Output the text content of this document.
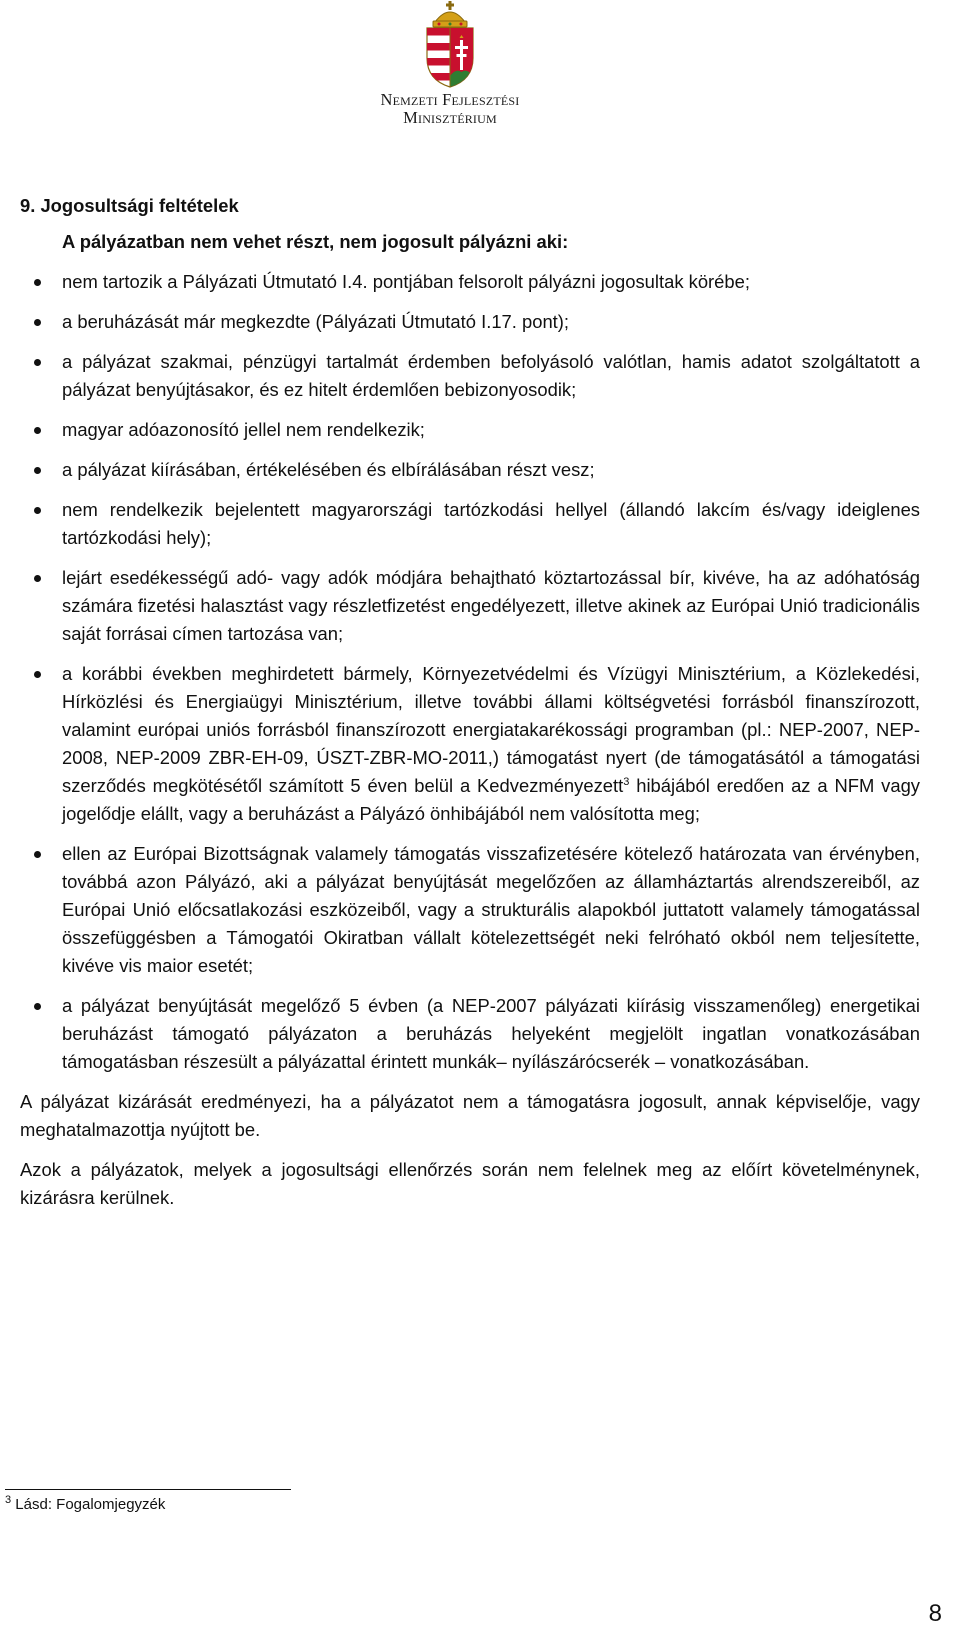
Nemzeti Fejlesztési
Minisztérium
9. Jogosultsági feltételek
A pályázatban nem vehet részt, nem jogosult pályázni aki:
nem tartozik a Pályázati Útmutató I.4. pontjában felsorolt pályázni jogosultak körébe;
a beruházását már megkezdte (Pályázati Útmutató I.17. pont);
a pályázat szakmai, pénzügyi tartalmát érdemben befolyásoló valótlan, hamis adatot szolgáltatott a pályázat benyújtásakor, és ez hitelt érdemlően bebizonyosodik;
magyar adóazonosító jellel nem rendelkezik;
a pályázat kiírásában, értékelésében és elbírálásában részt vesz;
nem rendelkezik bejelentett magyarországi tartózkodási hellyel (állandó lakcím és/vagy ideiglenes tartózkodási hely);
lejárt esedékességű adó- vagy adók módjára behajtható köztartozással bír, kivéve, ha az adóhatóság számára fizetési halasztást vagy részletfizetést engedélyezett, illetve akinek az Európai Unió tradicionális saját forrásai címen tartozása van;
a korábbi években meghirdetett bármely, Környezetvédelmi és Vízügyi Minisztérium, a Közlekedési, Hírközlési és Energiaügyi Minisztérium, illetve további állami költségvetési forrásból finanszírozott, valamint európai uniós forrásból finanszírozott energiatakarékossági programban (pl.: NEP-2007, NEP-2008, NEP-2009 ZBR-EH-09, ÚSZT-ZBR-MO-2011,) támogatást nyert (de támogatásától a támogatási szerződés megkötésétől számított 5 éven belül a Kedvezményezett$^3$ hibájából eredően az a NFM vagy jogelődje elállt, vagy a beruházást a Pályázó önhibájából nem valósította meg;
ellen az Európai Bizottságnak valamely támogatás visszafizetésére kötelező határozata van érvényben, továbbá azon Pályázó, aki a pályázat benyújtását megelőzően az államháztartás alrendszereiből, az Európai Unió előcsatlakozási eszközeiből, vagy a strukturális alapokból juttatott valamely támogatással összefüggésben a Támogatói Okiratban vállalt kötelezettségét neki felróható okból nem teljesítette, kivéve vis maior esetét;
a pályázat benyújtását megelőző 5 évben (a NEP-2007 pályázati kiírásig visszamenőleg) energetikai beruházást támogató pályázaton a beruházás helyeként megjelölt ingatlan vonatkozásában támogatásban részesült a pályázattal érintett munkák– nyílászárócserék – vonatkozásában.

A pályázat kizárását eredményezi, ha a pályázatot nem a támogatásra jogosult, annak képviselője, vagy meghatalmazottja nyújtott be.

Azok a pályázatok, melyek a jogosultsági ellenőrzés során nem felelnek meg az előírt követelménynek, kizárásra kerülnek.

$^3$ Lásd: Fogalomjegyzék
8
